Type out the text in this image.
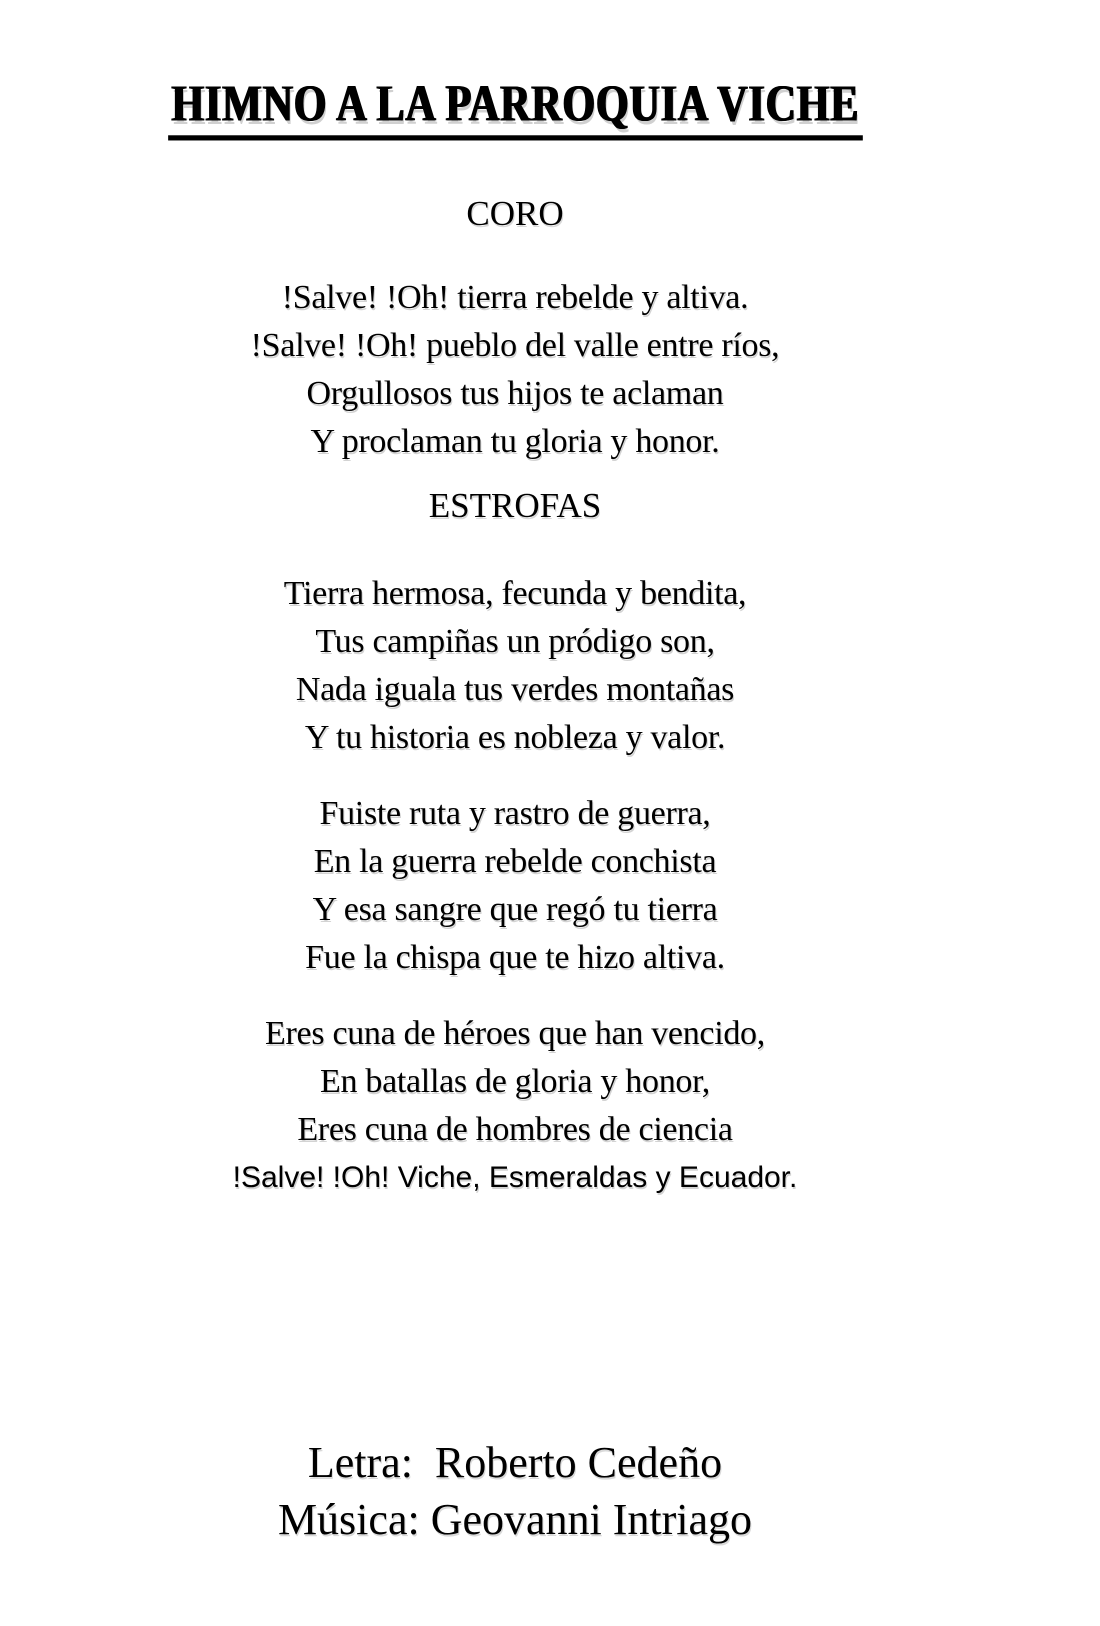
HIMNO A LA PARROQUIA VICHE
CORO
!Salve! !Oh! tierra rebelde y altiva.
!Salve! !Oh! pueblo del valle entre ríos,
Orgullosos tus hijos te aclaman
Y proclaman tu gloria y honor.
ESTROFAS
Tierra hermosa, fecunda y bendita,
Tus campiñas un pródigo son,
Nada iguala tus verdes montañas
Y tu historia es nobleza y valor.
Fuiste ruta y rastro de guerra,
En la guerra rebelde conchista
Y esa sangre que regó tu tierra
Fue la chispa que te hizo altiva.
Eres cuna de héroes que han vencido,
En batallas de gloria y honor,
Eres cuna de hombres de ciencia
!Salve! !Oh! Viche, Esmeraldas y Ecuador.
Letra:  Roberto Cedeño
Música: Geovanni Intriago
